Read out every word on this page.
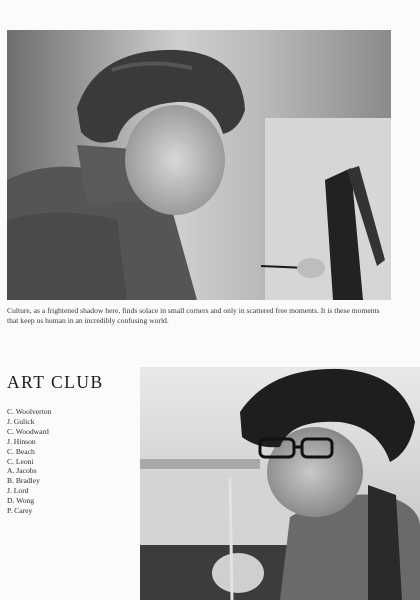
Culture, as a frightened shadow here, finds solace in small corners and only in scattered free moments. It is these moments that keep us human in an incredibly confusing world.

ART CLUB
C. Woolverton
J. Gulick
C. Woodward
J. Hinson
C. Beach
C. Leoni
A. Jacobs
B. Bradley
J. Lord
D. Wong
P. Carey
